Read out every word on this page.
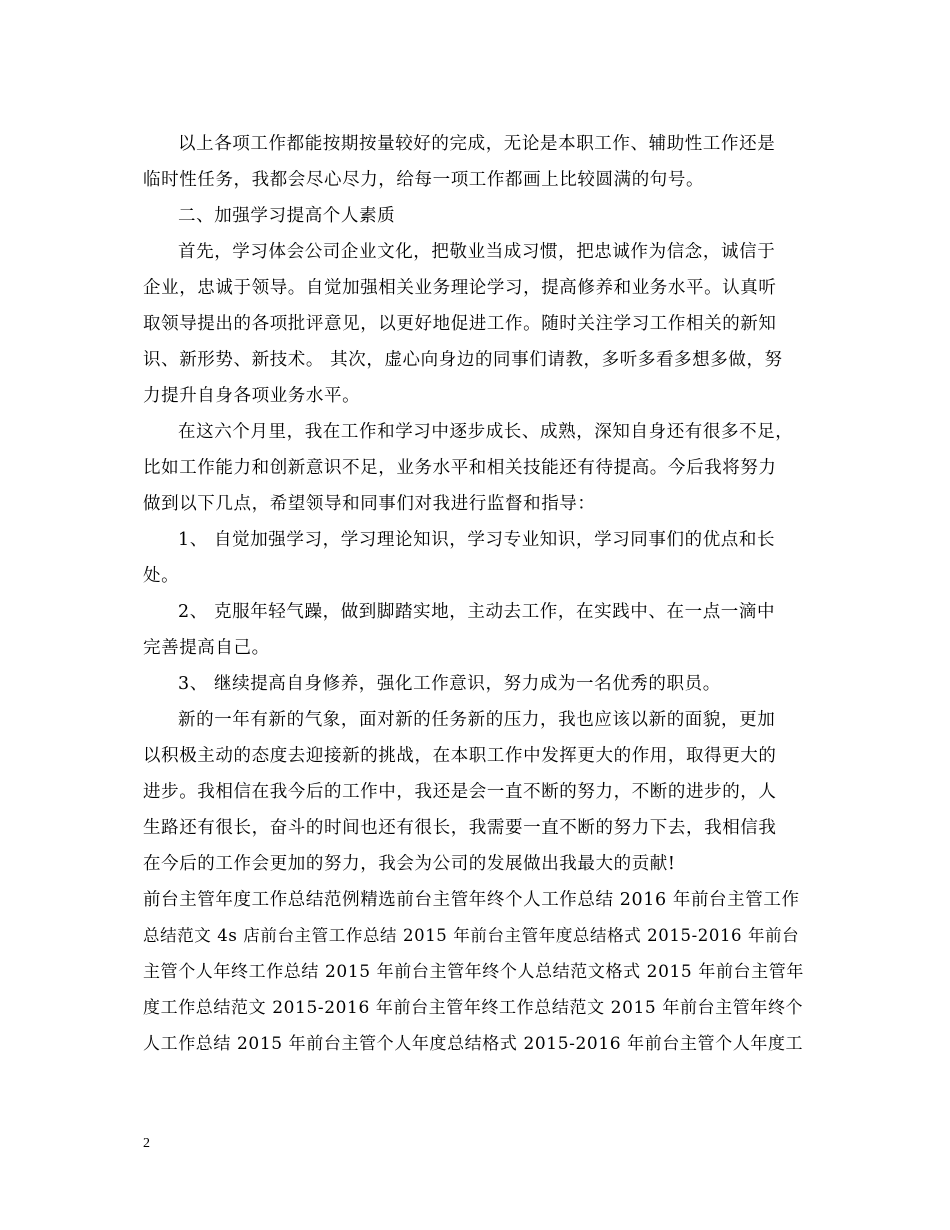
以上各项工作都能按期按量较好的完成，无论是本职工作、辅助性工作还是
临时性任务，我都会尽心尽力，给每一项工作都画上比较圆满的句号。
二、加强学习提高个人素质
首先，学习体会公司企业文化，把敬业当成习惯，把忠诚作为信念，诚信于
企业，忠诚于领导。自觉加强相关业务理论学习，提高修养和业务水平。认真听
取领导提出的各项批评意见，以更好地促进工作。随时关注学习工作相关的新知
识、新形势、新技术。 其次，虚心向身边的同事们请教，多听多看多想多做，努
力提升自身各项业务水平。
在这六个月里，我在工作和学习中逐步成长、成熟，深知自身还有很多不足，
比如工作能力和创新意识不足，业务水平和相关技能还有待提高。今后我将努力
做到以下几点，希望领导和同事们对我进行监督和指导：
1、 自觉加强学习，学习理论知识，学习专业知识，学习同事们的优点和长
处。
2、 克服年轻气躁，做到脚踏实地，主动去工作，在实践中、在一点一滴中
完善提高自己。
3、 继续提高自身修养，强化工作意识，努力成为一名优秀的职员。
新的一年有新的气象，面对新的任务新的压力，我也应该以新的面貌，更加
以积极主动的态度去迎接新的挑战，在本职工作中发挥更大的作用，取得更大的
进步。我相信在我今后的工作中，我还是会一直不断的努力，不断的进步的，人
生路还有很长，奋斗的时间也还有很长，我需要一直不断的努力下去，我相信我
在今后的工作会更加的努力，我会为公司的发展做出我最大的贡献!
前台主管年度工作总结范例精选前台主管年终个人工作总结 2016 年前台主管工作
总结范文 4s 店前台主管工作总结 2015 年前台主管年度总结格式 2015-2016 年前台
主管个人年终工作总结 2015 年前台主管年终个人总结范文格式 2015 年前台主管年
度工作总结范文 2015-2016 年前台主管年终工作总结范文 2015 年前台主管年终个
人工作总结 2015 年前台主管个人年度总结格式 2015-2016 年前台主管个人年度工
2
